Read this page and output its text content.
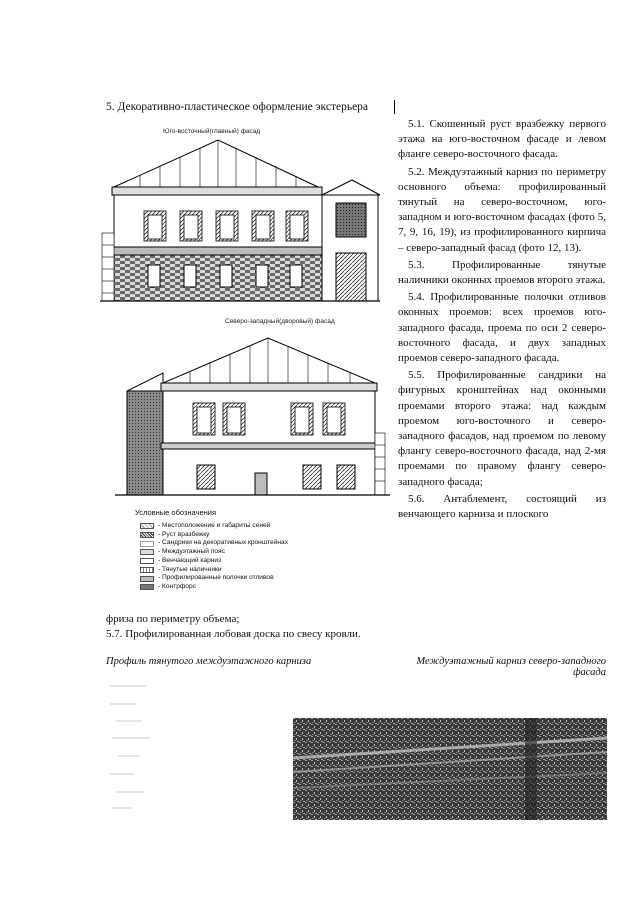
5. Декоративно-пластическое оформление экстерьера
Юго-восточный(главный) фасад
Северо-западный(дворовый) фасад
Условные обозначения
- Местоположение и габариты сеней
- Руст вразбежку
- Сандрики на декоративных кронштейнах
- Междуэтажный пояс
- Венчающий карниз
- Тянутые наличники
- Профилированные полочки отливов
- Контрфорс

5.1. Скошенный руст вразбежку первого этажа на юго-восточном фасаде и левом фланге северо-восточного фасада.

5.2. Междуэтажный карниз по периметру основного объема: профилированный тянутый на северо-восточном, юго-западном и юго-восточном фасадах (фото 5, 7, 9, 16, 19), из профилированного кирпича – северо-западный фасад (фото 12, 13).

5.3. Профилированные тянутые наличники оконных проемов второго этажа.

5.4. Профилированные полочки отливов оконных проемов: всех проемов юго-западного фасада, проема по оси 2 северо-восточного фасада, и двух западных проемов северо-западного фасада.

5.5. Профилированные сандрики на фигурных кронштейнах над оконными проемами второго этажа: над каждым проемом юго-восточного и северо-западного фасадов, над проемом по левому флангу северо-восточного фасада, над 2-мя проемами по правому флангу северо-западного фасада;

5.6. Антаблемент, состоящий из венчающего карниза и плоского

фриза по периметру объема;
5.7. Профилированная лобовая доска по свесу кровли.
Профиль тянутого междуэтажного карниза	Междуэтажный карниз северо-западного
фасада
